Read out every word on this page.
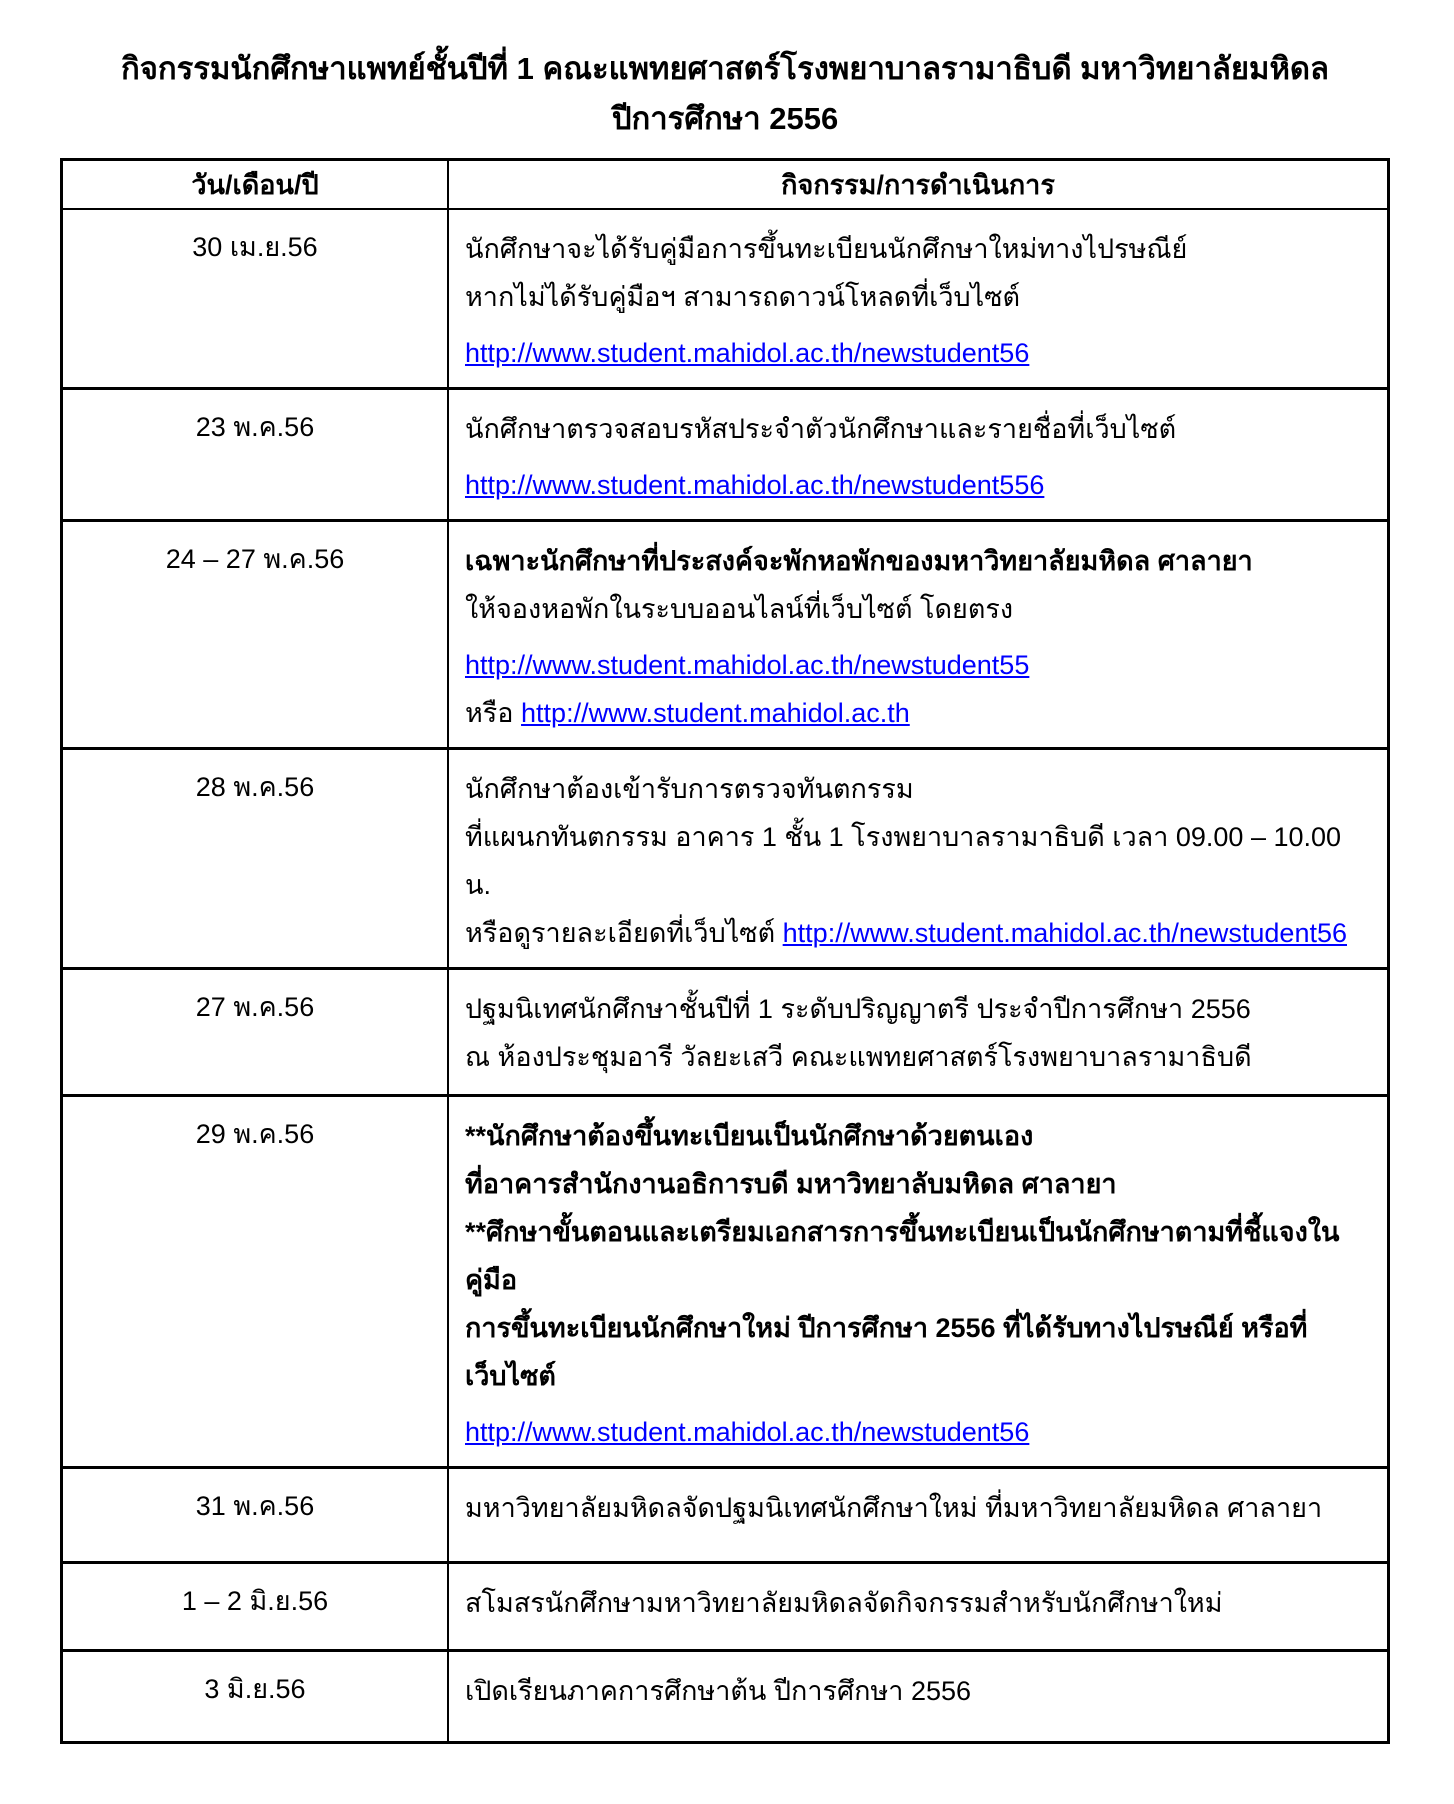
กิจกรรมนักศึกษาแพทย์ชั้นปีที่ 1 คณะแพทยศาสตร์โรงพยาบาลรามาธิบดี มหาวิทยาลัยมหิดล
ปีการศึกษา 2556
วัน/เดือน/ปี	กิจกรรม/การดำเนินการ
30 เม.ย.56	นักศึกษาจะได้รับคู่มือการขึ้นทะเบียนนักศึกษาใหม่ทางไปรษณีย์
หากไม่ได้รับคู่มือฯ สามารถดาวน์โหลดที่เว็บไซต์
http://www.student.mahidol.ac.th/newstudent56
23 พ.ค.56	นักศึกษาตรวจสอบรหัสประจำตัวนักศึกษาและรายชื่อที่เว็บไซต์
http://www.student.mahidol.ac.th/newstudent556
24 – 27 พ.ค.56	เฉพาะนักศึกษาที่ประสงค์จะพักหอพักของมหาวิทยาลัยมหิดล ศาลายา
ให้จองหอพักในระบบออนไลน์ที่เว็บไซต์ โดยตรง
http://www.student.mahidol.ac.th/newstudent55
หรือ http://www.student.mahidol.ac.th
28 พ.ค.56	นักศึกษาต้องเข้ารับการตรวจทันตกรรม
ที่แผนกทันตกรรม อาคาร 1 ชั้น 1 โรงพยาบาลรามาธิบดี เวลา 09.00 – 10.00 น.
หรือดูรายละเอียดที่เว็บไซต์ http://www.student.mahidol.ac.th/newstudent56
27 พ.ค.56	ปฐมนิเทศนักศึกษาชั้นปีที่ 1 ระดับปริญญาตรี ประจำปีการศึกษา 2556
ณ ห้องประชุมอารี วัลยะเสวี คณะแพทยศาสตร์โรงพยาบาลรามาธิบดี
29 พ.ค.56	**นักศึกษาต้องขึ้นทะเบียนเป็นนักศึกษาด้วยตนเอง
ที่อาคารสำนักงานอธิการบดี มหาวิทยาลับมหิดล ศาลายา
**ศึกษาขั้นตอนและเตรียมเอกสารการขึ้นทะเบียนเป็นนักศึกษาตามที่ชี้แจงในคู่มือ
การขึ้นทะเบียนนักศึกษาใหม่ ปีการศึกษา 2556 ที่ได้รับทางไปรษณีย์ หรือที่เว็บไซต์
http://www.student.mahidol.ac.th/newstudent56
31 พ.ค.56	มหาวิทยาลัยมหิดลจัดปฐมนิเทศนักศึกษาใหม่ ที่มหาวิทยาลัยมหิดล ศาลายา
1 – 2 มิ.ย.56	สโมสรนักศึกษามหาวิทยาลัยมหิดลจัดกิจกรรมสำหรับนักศึกษาใหม่
3 มิ.ย.56	เปิดเรียนภาคการศึกษาต้น ปีการศึกษา 2556
